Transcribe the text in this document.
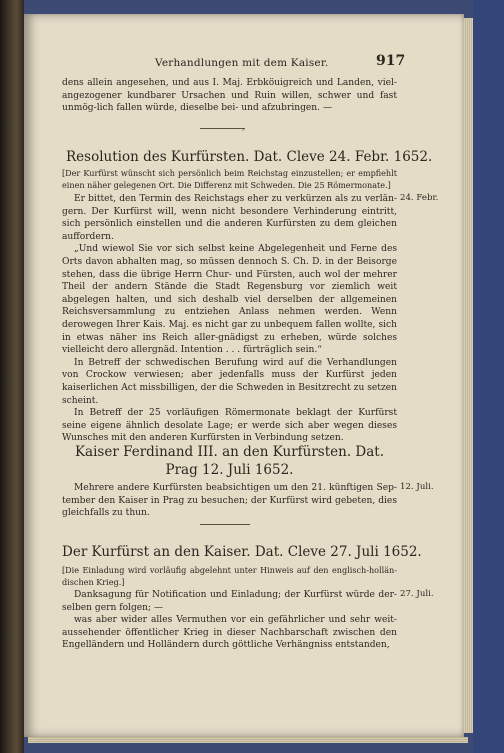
Verhandlungen mit dem Kaiser.	917
dens allein angesehen, und aus I. Maj. Erbköuigreich und Landen, viel-angezogener kundbarer Ursachen und Ruin willen, schwer und fast unmög-lich fallen würde, dieselbe bei- und afzubringen. —
,
Resolution des Kurfürsten. Dat. Cleve 24. Febr. 1652.
[Der Kurfürst wünscht sich persönlich beim Reichstag einzustellen; er empfiehlt einen näher gelegenen Ort. Die Differenz mit Schweden. Die 25 Römermonate.]

Er bittet, den Termin des Reichstags eher zu verkürzen als zu verlän-gern. Der Kurfürst will, wenn nicht besondere Verhinderung eintritt, sich persönlich einstellen und die anderen Kurfürsten zu dem gleichen auffordern.

„Und wiewol Sie vor sich selbst keine Abgelegenheit und Ferne des Orts davon abhalten mag, so müssen dennoch S. Ch. D. in der Beisorge stehen, dass die übrige Herrn Chur- und Fürsten, auch wol der mehrer Theil der andern Stände die Stadt Regensburg vor ziemlich weit abgelegen halten, und sich deshalb viel derselben der allgemeinen Reichsversammlung zu entziehen Anlass nehmen werden. Wenn derowegen Ihrer Kais. Maj. es nicht gar zu unbequem fallen wollte, sich in etwas näher ins Reich aller-gnädigst zu erheben, würde solches vielleicht dero allergnäd. Intention . . . fürträglich sein.“

In Betreff der schwedischen Berufung wird auf die Verhandlungen von Crockow verwiesen; aber jedenfalls muss der Kurfürst jeden kaiserlichen Act missbilligen, der die Schweden in Besitzrecht zu setzen scheint.

In Betreff der 25 vorläufigen Römermonate beklagt der Kurfürst seine eigene ähnlich desolate Lage; er werde sich aber wegen dieses Wunsches mit den anderen Kurfürsten in Verbindung setzen.

24. Febr.
Kaiser Ferdinand III. an den Kurfürsten. Dat. Prag 12. Juli 1652.

Mehrere andere Kurfürsten beabsichtigen um den 21. künftigen Sep-tember den Kaiser in Prag zu besuchen; der Kurfürst wird gebeten, dies gleichfalls zu thun.

12. Juli.
Der Kurfürst an den Kaiser. Dat. Cleve 27. Juli 1652.
[Die Einladung wird vorläufig abgelehnt unter Hinweis auf den englisch-hollän-dischen Krieg.]

Danksagung für Notification und Einladung; der Kurfürst würde der-selben gern folgen; —

was aber wider alles Vermuthen vor ein gefährlicher und sehr weit-aussehender öffentlicher Krieg in dieser Nachbarschaft zwischen den Engelländern und Holländern durch göttliche Verhängniss entstanden,

27. Juli.
